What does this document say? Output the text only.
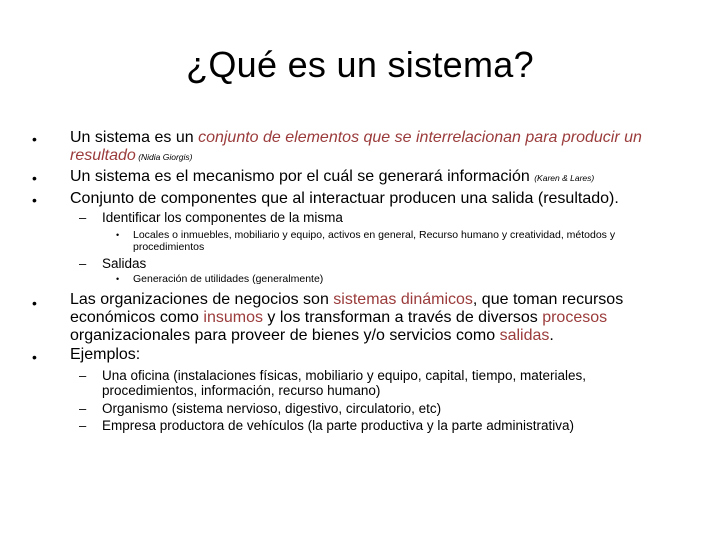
¿Qué es un sistema?
• Un sistema es un conjunto de elementos que se interrelacionan para producir un
resultado (Nidia Giorgis)
• Un sistema es el mecanismo por el cuál se generará información (Karen & Lares)
• Conjunto de componentes que al interactuar producen una salida (resultado).
– Identificar los componentes de la misma
• Locales o inmuebles, mobiliario y equipo, activos en general, Recurso humano y creatividad, métodos y
procedimientos
– Salidas
• Generación de utilidades (generalmente)
• Las organizaciones de negocios son sistemas dinámicos, que toman recursos
económicos como insumos y los transforman a través de diversos procesos
organizacionales para proveer de bienes y/o servicios como salidas.
• Ejemplos:
– Una oficina (instalaciones físicas, mobiliario y equipo, capital, tiempo, materiales,
procedimientos, información, recurso humano)
– Organismo (sistema nervioso, digestivo, circulatorio, etc)
– Empresa productora de vehículos (la parte productiva y la parte administrativa)
